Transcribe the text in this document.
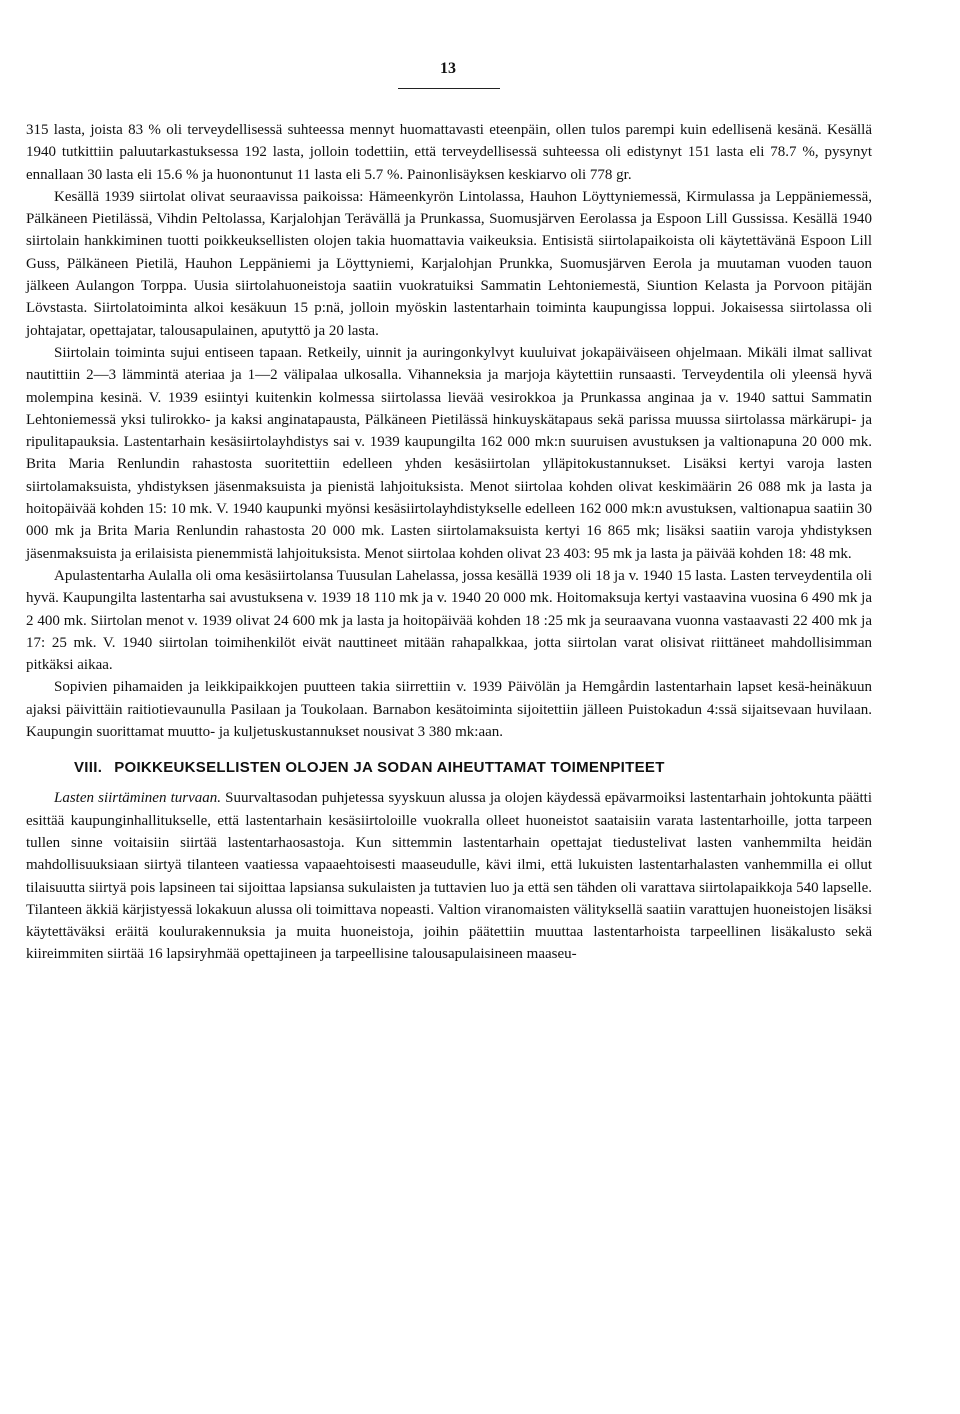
13

315 lasta, joista 83 % oli terveydellisessä suhteessa mennyt huomattavasti eteenpäin, ollen tulos parempi kuin edellisenä kesänä. Kesällä 1940 tutkittiin paluutarkastuksessa 192 lasta, jolloin todettiin, että terveydellisessä suhteessa oli edistynyt 151 lasta eli 78.7 %, pysynyt ennallaan 30 lasta eli 15.6 % ja huonontunut 11 lasta eli 5.7 %. Painonlisäyksen keskiarvo oli 778 gr.

Kesällä 1939 siirtolat olivat seuraavissa paikoissa: Hämeenkyrön Lintolassa, Hauhon Löyttyniemessä, Kirmulassa ja Leppäniemessä, Pälkäneen Pietilässä, Vihdin Peltolassa, Karjalohjan Terävällä ja Prunkassa, Suomusjärven Eerolassa ja Espoon Lill Gussissa. Kesällä 1940 siirtolain hankkiminen tuotti poikkeuksellisten olojen takia huomattavia vaikeuksia. Entisistä siirtolapaikoista oli käytettävänä Espoon Lill Guss, Pälkäneen Pietilä, Hauhon Leppäniemi ja Löyttyniemi, Karjalohjan Prunkka, Suomusjärven Eerola ja muutaman vuoden tauon jälkeen Aulangon Torppa. Uusia siirtolahuoneistoja saatiin vuokratuiksi Sammatin Lehtoniemestä, Siuntion Kelasta ja Porvoon pitäjän Lövstasta. Siirtolatoiminta alkoi kesäkuun 15 p:nä, jolloin myöskin lastentarhain toiminta kaupungissa loppui. Jokaisessa siirtolassa oli johtajatar, opettajatar, talousapulainen, aputyttö ja 20 lasta.

Siirtolain toiminta sujui entiseen tapaan. Retkeily, uinnit ja auringonkylvyt kuuluivat jokapäiväiseen ohjelmaan. Mikäli ilmat sallivat nautittiin 2—3 lämmintä ateriaa ja 1—2 välipalaa ulkosalla. Vihanneksia ja marjoja käytettiin runsaasti. Terveydentila oli yleensä hyvä molempina kesinä. V. 1939 esiintyi kuitenkin kolmessa siirtolassa lievää vesirokkoa ja Prunkassa anginaa ja v. 1940 sattui Sammatin Lehtoniemessä yksi tulirokko- ja kaksi anginatapausta, Pälkäneen Pietilässä hinkuyskätapaus sekä parissa muussa siirtolassa märkärupi- ja ripulitapauksia. Lastentarhain kesäsiirtolayhdistys sai v. 1939 kaupungilta 162 000 mk:n suuruisen avustuksen ja valtionapuna 20 000 mk. Brita Maria Renlundin rahastosta suoritettiin edelleen yhden kesäsiirtolan ylläpitokustannukset. Lisäksi kertyi varoja lasten siirtolamaksuista, yhdistyksen jäsenmaksuista ja pienistä lahjoituksista. Menot siirtolaa kohden olivat keskimäärin 26 088 mk ja lasta ja hoitopäivää kohden 15: 10 mk. V. 1940 kaupunki myönsi kesäsiirtolayhdistykselle edelleen 162 000 mk:n avustuksen, valtionapua saatiin 30 000 mk ja Brita Maria Renlundin rahastosta 20 000 mk. Lasten siirtolamaksuista kertyi 16 865 mk; lisäksi saatiin varoja yhdistyksen jäsenmaksuista ja erilaisista pienemmistä lahjoituksista. Menot siirtolaa kohden olivat 23 403: 95 mk ja lasta ja päivää kohden 18: 48 mk.

Apulastentarha Aulalla oli oma kesäsiirtolansa Tuusulan Lahelassa, jossa kesällä 1939 oli 18 ja v. 1940 15 lasta. Lasten terveydentila oli hyvä. Kaupungilta lastentarha sai avustuksena v. 1939 18 110 mk ja v. 1940 20 000 mk. Hoitomaksuja kertyi vastaavina vuosina 6 490 mk ja 2 400 mk. Siirtolan menot v. 1939 olivat 24 600 mk ja lasta ja hoitopäivää kohden 18 :25 mk ja seuraavana vuonna vastaavasti 22 400 mk ja 17: 25 mk. V. 1940 siirtolan toimihenkilöt eivät nauttineet mitään rahapalkkaa, jotta siirtolan varat olisivat riittäneet mahdollisimman pitkäksi aikaa.

Sopivien pihamaiden ja leikkipaikkojen puutteen takia siirrettiin v. 1939 Päivölän ja Hemgårdin lastentarhain lapset kesä-heinäkuun ajaksi päivittäin raitiotievaunulla Pasilaan ja Toukolaan. Barnabon kesätoiminta sijoitettiin jälleen Puistokadun 4:ssä sijaitsevaan huvilaan. Kaupungin suorittamat muutto- ja kuljetuskustannukset nousivat 3 380 mk:aan.

VIII. POIKKEUKSELLISTEN OLOJEN JA SODAN AIHEUTTAMAT TOIMENPITEET

Lasten siirtäminen turvaan. Suurvaltasodan puhjetessa syyskuun alussa ja olojen käydessä epävarmoiksi lastentarhain johtokunta päätti esittää kaupunginhallitukselle, että lastentarhain kesäsiirtoloille vuokralla olleet huoneistot saataisiin varata lastentarhoille, jotta tarpeen tullen sinne voitaisiin siirtää lastentarhaosastoja. Kun sittemmin lastentarhain opettajat tiedustelivat lasten vanhemmilta heidän mahdollisuuksiaan siirtyä tilanteen vaatiessa vapaaehtoisesti maaseudulle, kävi ilmi, että lukuisten lastentarhalasten vanhemmilla ei ollut tilaisuutta siirtyä pois lapsineen tai sijoittaa lapsiansa sukulaisten ja tuttavien luo ja että sen tähden oli varattava siirtolapaikkoja 540 lapselle. Tilanteen äkkiä kärjistyessä lokakuun alussa oli toimittava nopeasti. Valtion viranomaisten välityksellä saatiin varattujen huoneistojen lisäksi käytettäväksi eräitä koulurakennuksia ja muita huoneistoja, joihin päätettiin muuttaa lastentarhoista tarpeellinen lisäkalusto sekä kiireimmiten siirtää 16 lapsiryhmää opettajineen ja tarpeellisine talousapulaisineen maaseu-
